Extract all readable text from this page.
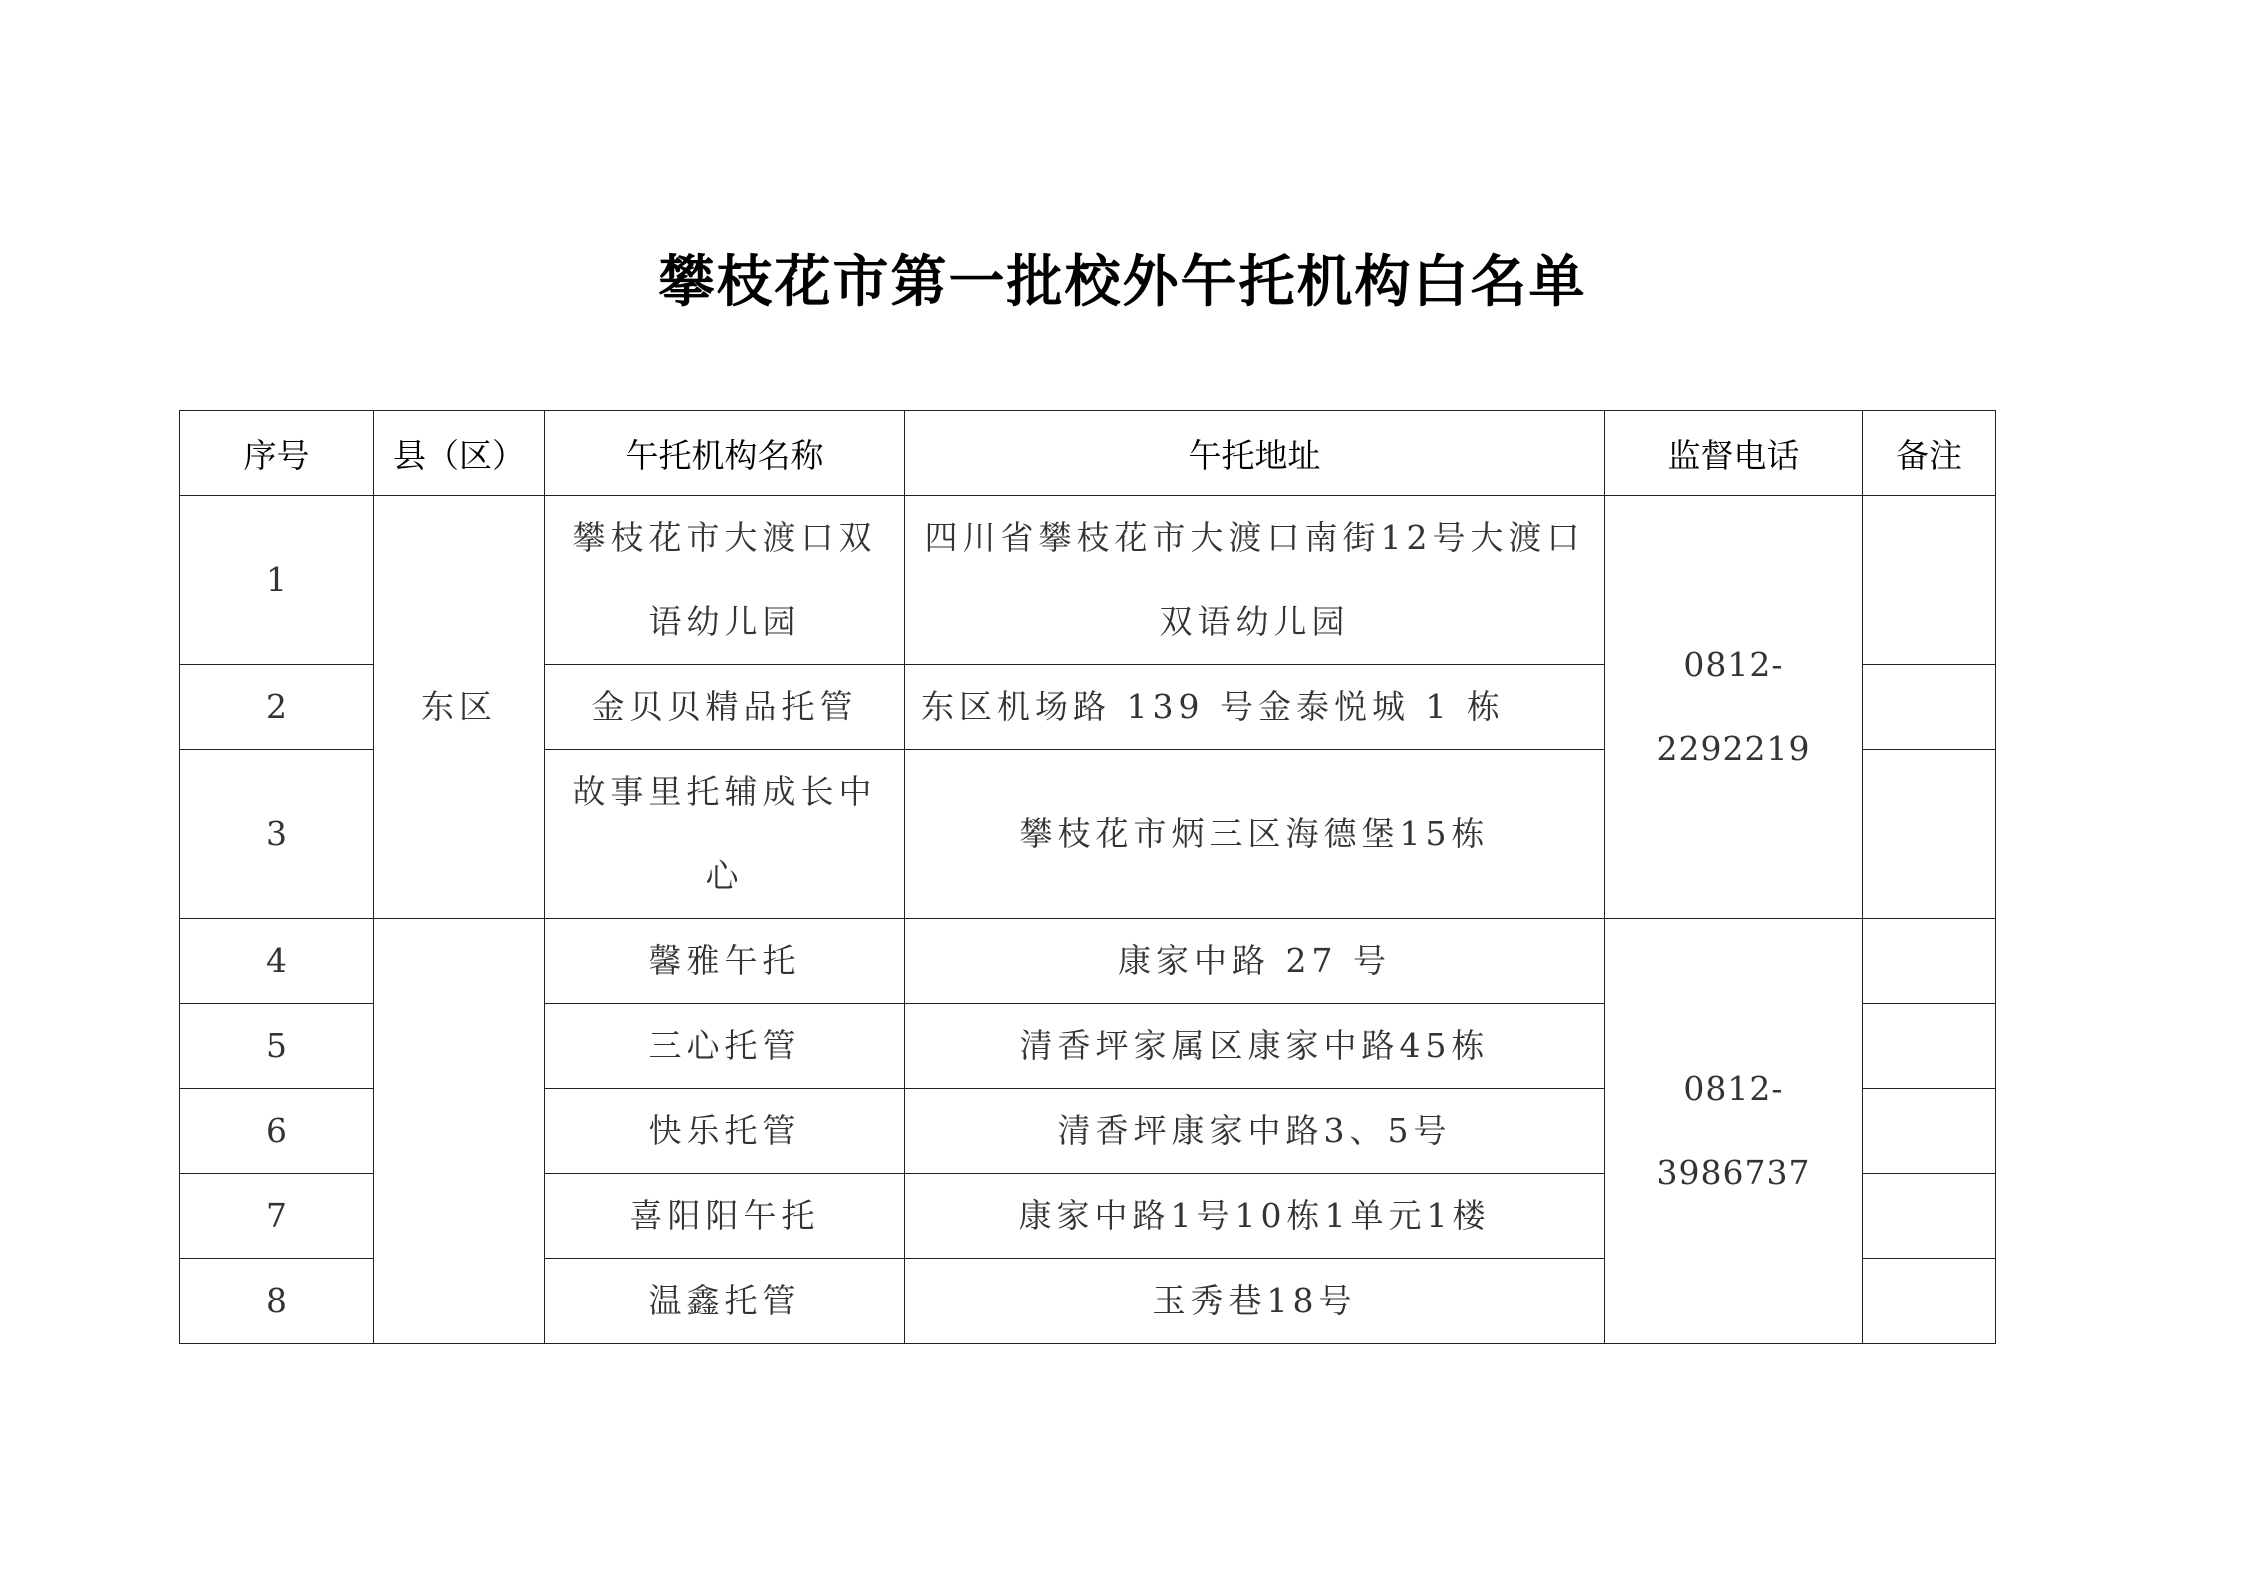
攀枝花市第一批校外午托机构白名单
序号	县（区）	午托机构名称	午托地址	监督电话	备注
1	东区	攀枝花市大渡口双语幼儿园	四川省攀枝花市大渡口南街12号大渡口双语幼儿园	0812-2292219	
2		金贝贝精品托管	东区机场路 139 号金泰悦城 1 栋		
3		故事里托辅成长中心	攀枝花市炳三区海德堡15栋		
4		馨雅午托	康家中路 27 号	0812-3986737	
5		三心托管	清香坪家属区康家中路45栋		
6		快乐托管	清香坪康家中路3、5号		
7		喜阳阳午托	康家中路1号10栋1单元1楼		
8		温鑫托管	玉秀巷18号		
